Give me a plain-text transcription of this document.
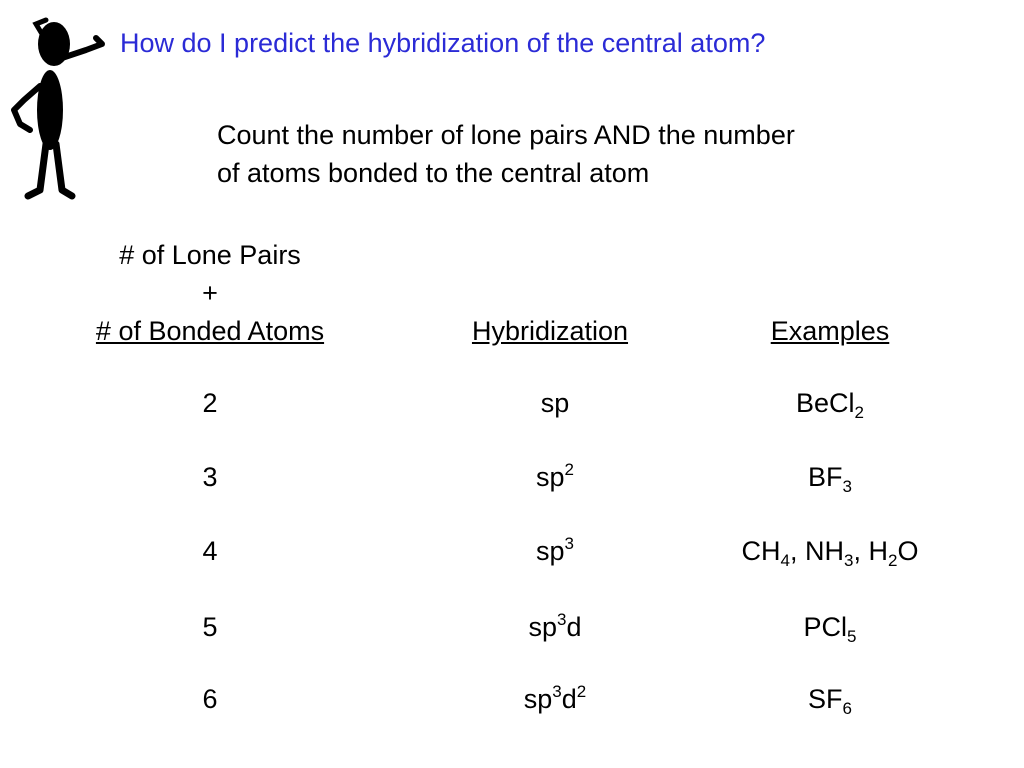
How do I predict the hybridization of the central atom?
Count the number of lone pairs AND the number
of atoms bonded to the central atom
# of Lone Pairs
+
# of Bonded Atoms	Hybridization	Examples
2	sp	BeCl$_2$
3	$sp^2$	$BF_3$
4	$sp^3$	$CH_4$, $NH_3$, $H_2O$
5	$sp^3d$	PCl$_5$
6	$sp^3d^2$	$SF_6$
